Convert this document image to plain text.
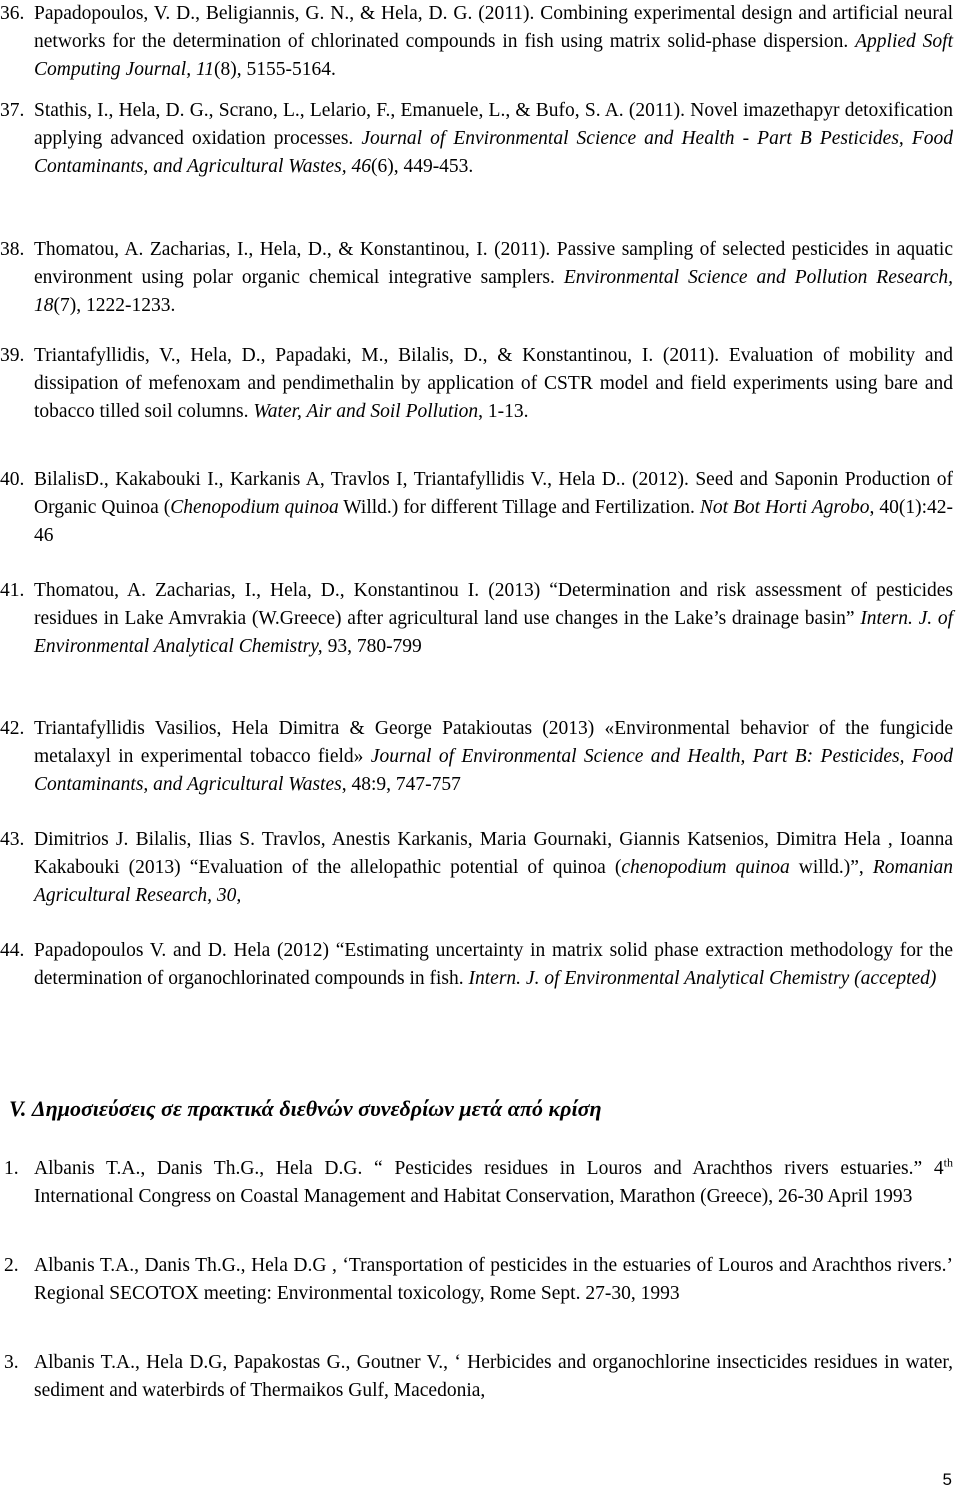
36. Papadopoulos, V. D., Beligiannis, G. N., & Hela, D. G. (2011). Combining experimental design and artificial neural networks for the determination of chlorinated compounds in fish using matrix solid-phase dispersion. Applied Soft Computing Journal, 11(8), 5155-5164.
37. Stathis, I., Hela, D. G., Scrano, L., Lelario, F., Emanuele, L., & Bufo, S. A. (2011). Novel imazethapyr detoxification applying advanced oxidation processes. Journal of Environmental Science and Health - Part B Pesticides, Food Contaminants, and Agricultural Wastes, 46(6), 449-453.
38. Thomatou, A. Zacharias, I., Hela, D., & Konstantinou, I. (2011). Passive sampling of selected pesticides in aquatic environment using polar organic chemical integrative samplers. Environmental Science and Pollution Research, 18(7), 1222-1233.
39. Triantafyllidis, V., Hela, D., Papadaki, M., Bilalis, D., & Konstantinou, I. (2011). Evaluation of mobility and dissipation of mefenoxam and pendimethalin by application of CSTR model and field experiments using bare and tobacco tilled soil columns. Water, Air and Soil Pollution, 1-13.
40. BilalisD., Kakabouki I., Karkanis A, Travlos I, Triantafyllidis V., Hela D.. (2012). Seed and Saponin Production of Organic Quinoa (Chenopodium quinoa Willd.) for different Tillage and Fertilization. Not Bot Horti Agrobo, 40(1):42-46
41. Thomatou, A. Zacharias, I., Hela, D., Konstantinou I. (2013) “Determination and risk assessment of pesticides residues in Lake Amvrakia (W.Greece) after agricultural land use changes in the Lake’s drainage basin” Intern. J. of Environmental Analytical Chemistry, 93, 780-799
42. Triantafyllidis Vasilios, Hela Dimitra & George Patakioutas (2013) «Environmental behavior of the fungicide metalaxyl in experimental tobacco field» Journal of Environmental Science and Health, Part B: Pesticides, Food Contaminants, and Agricultural Wastes, 48:9, 747-757
43. Dimitrios J. Bilalis, Ilias S. Travlos, Anestis Karkanis, Maria Gournaki, Giannis Katsenios, Dimitra Hela , Ioanna Kakabouki (2013) “Evaluation of the allelopathic potential of quinoa (chenopodium quinoa willd.)”, Romanian Agricultural Research, 30,
44. Papadopoulos V. and D. Hela (2012) “Estimating uncertainty in matrix solid phase extraction methodology for the determination of organochlorinated compounds in fish. Intern. J. of Environmental Analytical Chemistry (accepted)
V. Δημοσιεύσεις σε πρακτικά διεθνών συνεδρίων μετά από κρίση
1. Albanis T.A., Danis Th.G., Hela D.G. “ Pesticides residues in Louros and Arachthos rivers estuaries.” 4th International Congress on Coastal Management and Habitat Conservation, Marathon (Greece), 26-30 April 1993
2. Albanis T.A., Danis Th.G., Hela D.G , ‘Transportation of pesticides in the estuaries of Louros and Arachthos rivers.’ Regional SECOTOX meeting: Environmental toxicology, Rome Sept. 27-30, 1993
3. Albanis T.A., Hela D.G, Papakostas G., Goutner V., ‘ Herbicides and organochlorine insecticides residues in water, sediment and waterbirds of Thermaikos Gulf, Macedonia,
5
